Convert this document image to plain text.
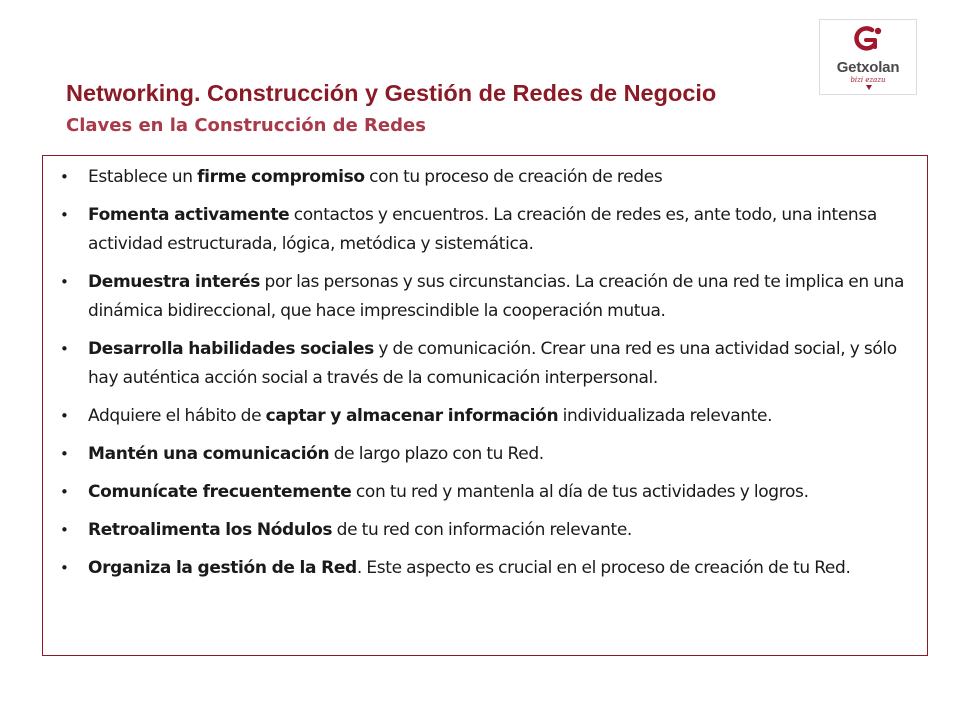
Getxolan
bizi ezazu
Networking. Construcción y Gestión de Redes de Negocio
Claves en la Construcción de Redes
• Establece un firme compromiso con tu proceso de creación de redes
• Fomenta activamente contactos y encuentros. La creación de redes es, ante todo, una intensa actividad estructurada, lógica, metódica y sistemática.
• Demuestra interés por las personas y sus circunstancias. La creación de una red te implica en una dinámica bidireccional, que hace imprescindible la cooperación mutua.
• Desarrolla habilidades sociales y de comunicación. Crear una red es una actividad social, y sólo hay auténtica acción social a través de la comunicación interpersonal.
• Adquiere el hábito de captar y almacenar información individualizada relevante.
• Mantén una comunicación de largo plazo con tu Red.
• Comunícate frecuentemente con tu red y mantenla al día de tus actividades y logros.
• Retroalimenta los Nódulos de tu red con información relevante.
• Organiza la gestión de la Red. Este aspecto es crucial en el proceso de creación de tu Red.
